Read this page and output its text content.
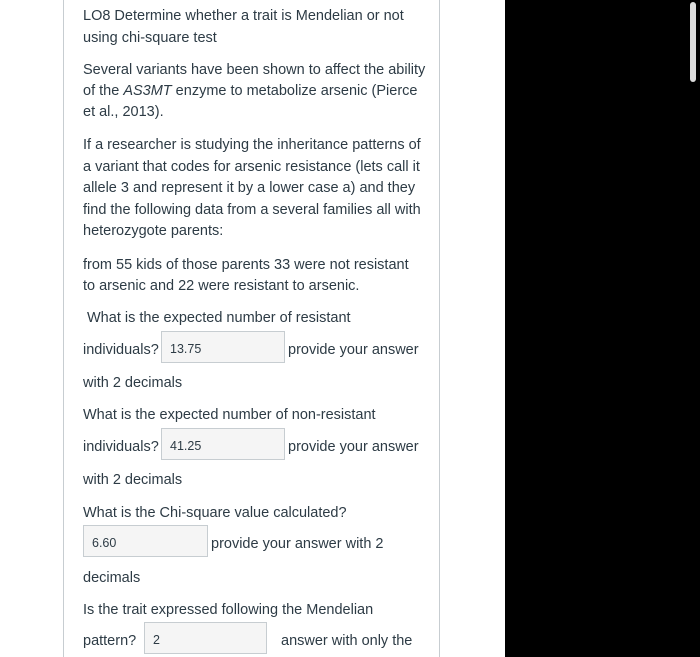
LO8 Determine whether a trait is Mendelian or not

using chi-square test

Several variants have been shown to affect the ability

of the AS3MT enzyme to metabolize arsenic (Pierce

et al., 2013).

If a researcher is studying the inheritance patterns of

a variant that codes for arsenic resistance (lets call it

allele 3 and represent it by a lower case a) and they

find the following data from a several families all with

heterozygote parents:

from 55 kids of those parents 33 were not resistant

to arsenic and 22 were resistant to arsenic.

What is the expected number of resistant

individuals? 13.75	provide your answer
with 2 decimals

What is the expected number of non-resistant

individuals? 41.25	provide your answer
with 2 decimals

What is the Chi-square value calculated?

6.60	provide your answer with 2
decimals

Is the trait expressed following the Mendelian

pattern?	2	answer with only the
